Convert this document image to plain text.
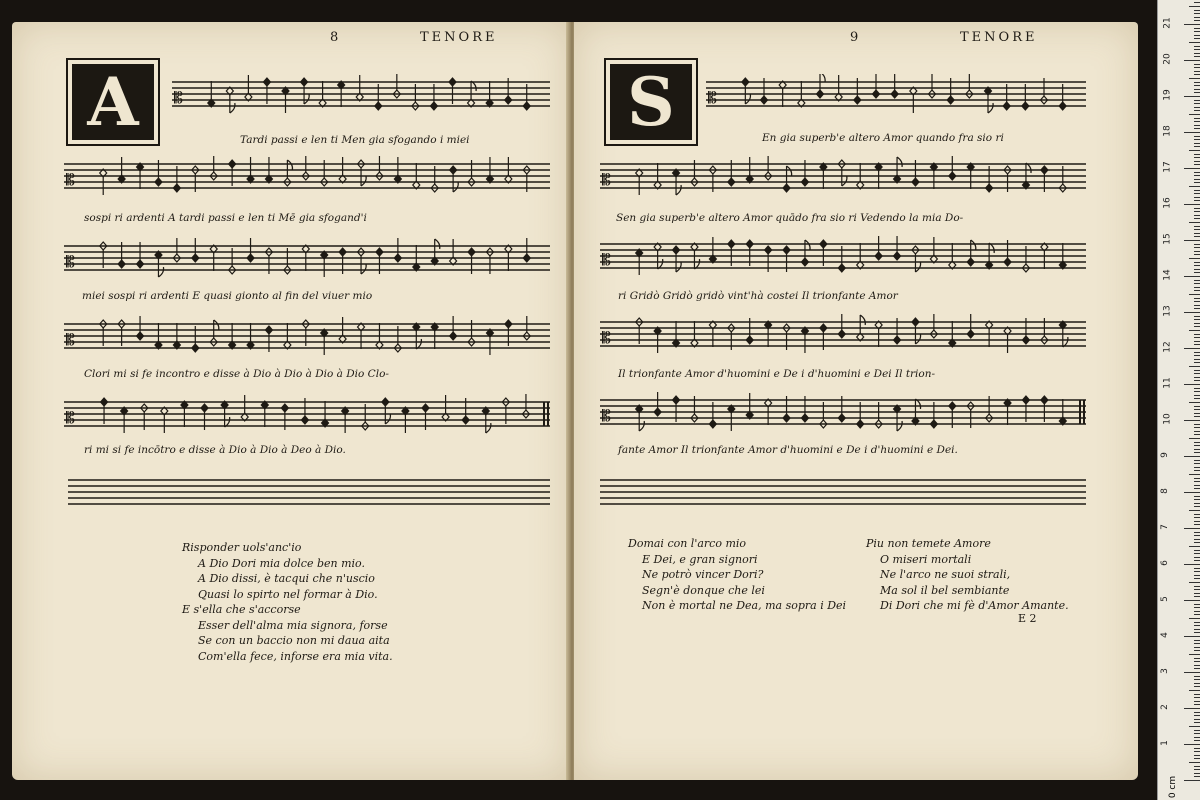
8	TENORE	9	TENORE
A	S
𝄡
𝄡
𝄡
𝄡
𝄡
Tardi passi e len ti Men gia sfogando i miei
sospi ri ardenti A tardi passi e len ti Mē gia sfogand'i
miei sospi ri ardenti E quasi gionto al fin del viuer mio
Clori mi si fe incontro e disse à Dio à Dio à Dio à Dio Clo-
ri mi si fe incōtro e disse à Dio à Dio à Deo à Dio.
Risponder uols'anc'io
A Dio Dori mia dolce ben mio.
A Dio dissi, è tacqui che n'uscio
Quasi lo spirto nel formar à Dio.
E s'ella che s'accorse
Esser dell'alma mia signora, forse
Se con un baccio non mi daua aita
Com'ella fece, inforse era mia vita.
𝄡
𝄡
𝄡
𝄡
𝄡
En gia superb'e altero Amor quando fra sio ri
Sen gia superb'e altero Amor quādo fra sio ri Vedendo la mia Do-
ri Gridò Gridò gridò vint'hà costei Il trionfante Amor
Il trionfante Amor d'huomini e De i d'huomini e Dei Il trion-
fante Amor Il trionfante Amor d'huomini e De i d'huomini e Dei.
Domai con l'arco mio
E Dei, e gran signori
Ne potrò vincer Dori?
Segn'è donque che lei
Non è mortal ne Dea, ma sopra i Dei
Piu non temete Amore
O miseri mortali
Ne l'arco ne suoi strali,
Ma sol il bel sembiante
Di Dori che mi fè d'Amor Amante.
E 2
0 cm
1
2
3
4
5
6
7
8
9
10
11
12
13
14
15
16
17
18
19
20
21
